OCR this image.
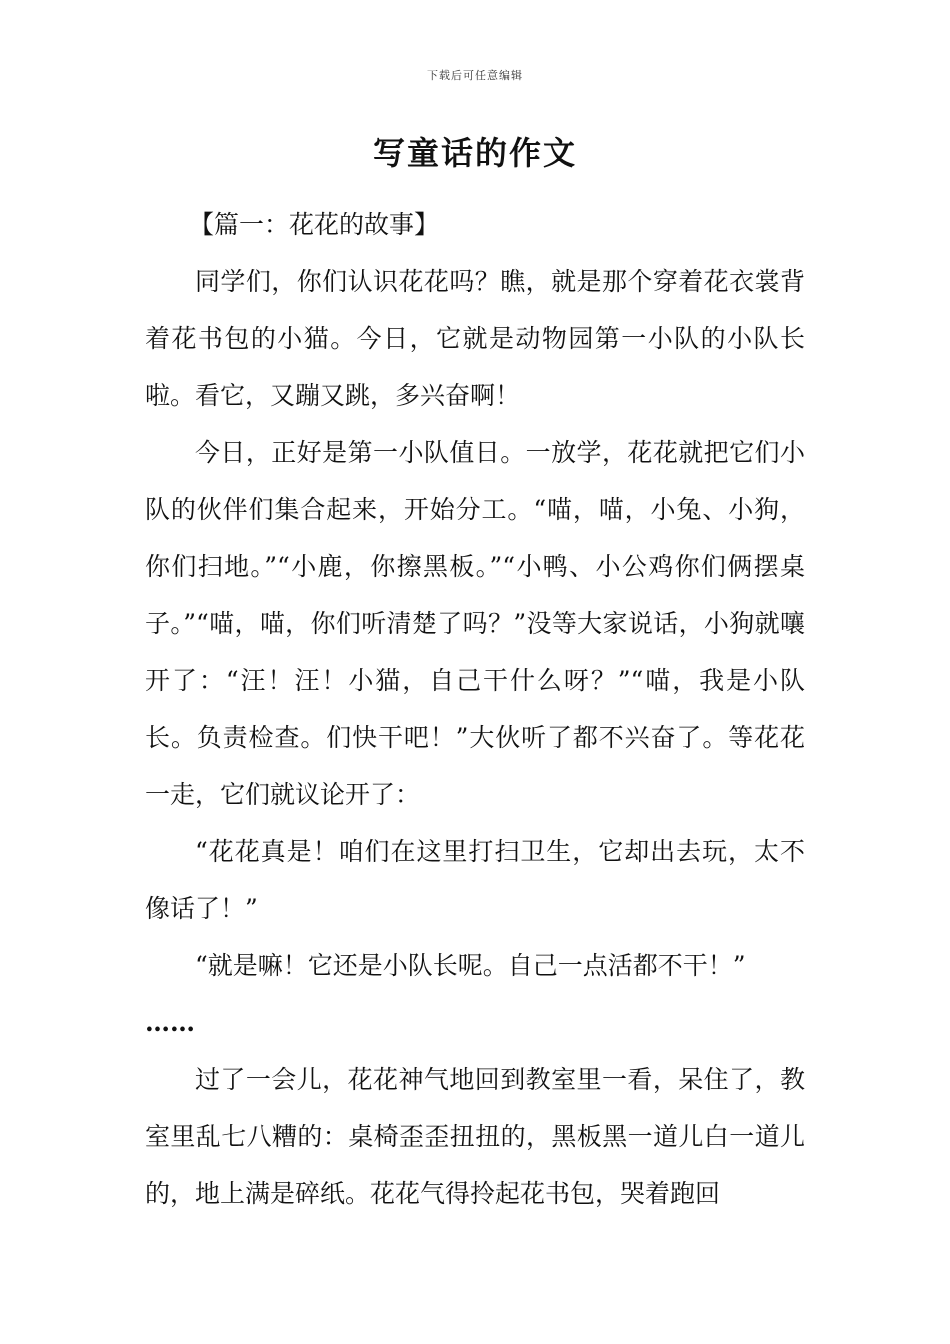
下载后可任意编辑
写童话的作文

【篇一：花花的故事】

同学们，你们认识花花吗？瞧，就是那个穿着花衣裳背着花书包的小猫。今日，它就是动物园第一小队的小队长啦。看它，又蹦又跳，多兴奋啊！

今日，正好是第一小队值日。一放学，花花就把它们小队的伙伴们集合起来，开始分工。“喵，喵，小兔、小狗，你们扫地。”“小鹿，你擦黑板。”“小鸭、小公鸡你们俩摆桌子。”“喵，喵，你们听清楚了吗？”没等大家说话，小狗就嚷开了：“汪！汪！小猫，自己干什么呀？”“喵，我是小队长。负责检查。们快干吧！”大伙听了都不兴奋了。等花花一走，它们就议论开了：

“花花真是！咱们在这里打扫卫生，它却出去玩，太不像话了！”

“就是嘛！它还是小队长呢。自己一点活都不干！”

……

过了一会儿，花花神气地回到教室里一看，呆住了，教室里乱七八糟的：桌椅歪歪扭扭的，黑板黑一道儿白一道儿的，地上满是碎纸。花花气得拎起花书包，哭着跑回
